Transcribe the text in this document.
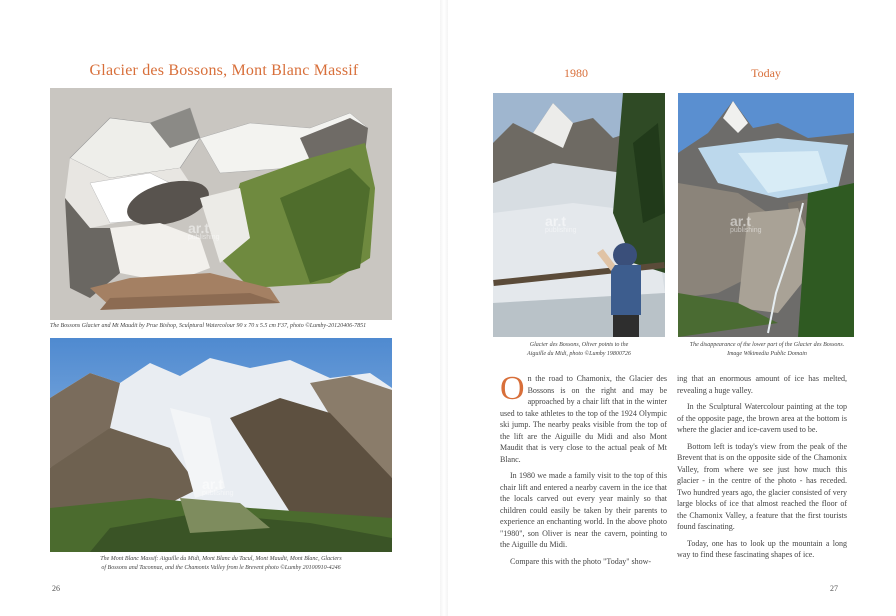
Glacier des Bossons, Mont Blanc Massif
ar.t
publishing
The Bossons Glacier and Mt Maudit by Prue Bishop, Sculptural Watercolour 90 x 70 x 5.5 cm F37, photo ©Lumby-20120406-7851
ar.t
publishing
The Mont Blanc Massif: Aiguille du Midi, Mont Blanc du Tacul, Mont Maudit, Mont Blanc, Glaciers
of Bossons and Taconnaz, and the Chamonix Valley from le Brevent photo ©Lumby 20100910-4246
26
1980	Today
ar.t
publishing
Glacier des Bossons, Oliver points to the
Aiguille du Midi, photo ©Lumby 19800726
ar.t
publishing
The disappearance of the lower part of the Glacier des Bossons.
Image Wikimedia Public Domain

On the road to Chamonix, the Glacier des Bossons is on the right and may be approached by a chair lift that in the winter used to take athletes to the top of the 1924 Olympic ski jump. The nearby peaks visible from the top of the lift are the Aiguille du Midi and also Mont Maudit that is very close to the actual peak of Mt Blanc.

In 1980 we made a family visit to the top of this chair lift and entered a nearby cavern in the ice that the locals carved out every year mainly so that children could easily be taken by their parents to experience an enchanting world. In the above photo "1980", son Oliver is near the cavern, pointing to the Aiguille du Midi.

Compare this with the photo "Today" show-

ing that an enormous amount of ice has melted, revealing a huge valley.

In the Sculptural Watercolour painting at the top of the opposite page, the brown area at the bottom is where the glacier and ice-cavern used to be.

Bottom left is today's view from the peak of the Brevent that is on the opposite side of the Chamonix Valley, from where we see just how much this glacier - in the centre of the photo - has receded. Two hundred years ago, the glacier consisted of very large blocks of ice that almost reached the floor of the Chamonix Valley, a feature that the first tourists found fascinating.

Today, one has to look up the mountain a long way to find these fascinating shapes of ice.

27
